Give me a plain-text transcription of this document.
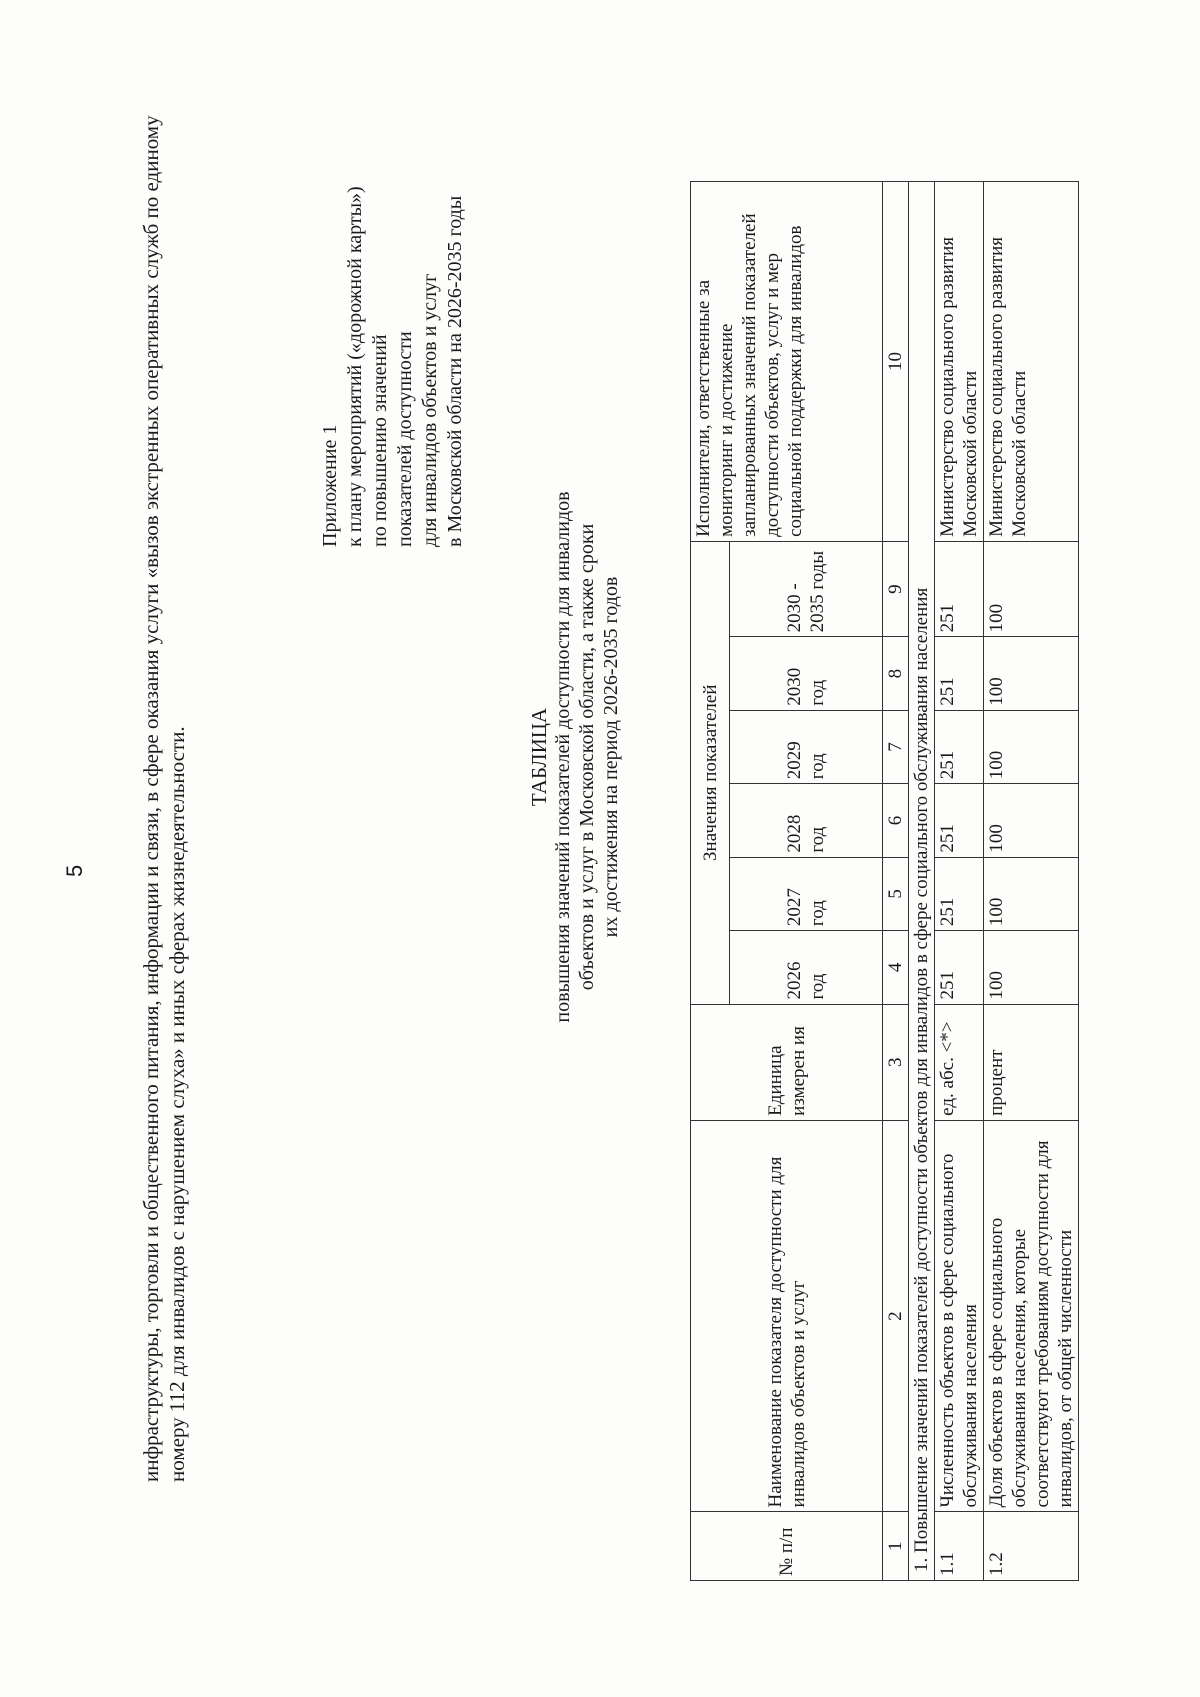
5 инфраструктуры, торговли и общественного питания, информации и связи, в сфере оказания услуги «вызов экстренных оперативных служб по единому номеру 112 для инвалидов с нарушением слуха» и иных сферах жизнедеятельности.
Приложение 1 к плану мероприятий («дорожной карты») по повышению значений показателей доступности для инвалидов объектов и услуг в Московской области на 2026-2035 годы
ТАБЛИЦА повышения значений показателей доступности для инвалидов объектов и услуг в Московской области, а также сроки их достижения на период 2026-2035 годов
№ п/п	Наименование показателя доступности для инвалидов объектов и услуг	Единица измерен ия	Значения показателей						Исполнители, ответственные за мониторинг и достижение запланированных значений показателей доступности объектов, услуг и мер социальной поддержки для инвалидов
			2026 год	2027 год	2028 год	2029 год	2030 год	2030 - 2035 годы	
1	2	3	4	5	6	7	8	9	10
1. Повышение значений показателей доступности объектов для инвалидов в сфере социального обслуживания населения									
1.1	Численность объектов в сфере социального обслуживания населения	ед. абс. <*>	251	251	251	251	251	251	Министерство социального развития Московской области
1.2	Доля объектов в сфере социального обслуживания населения, которые соответствуют требованиям доступности для инвалидов, от общей численности	процент	100	100	100	100	100	100	Министерство социального развития Московской области
